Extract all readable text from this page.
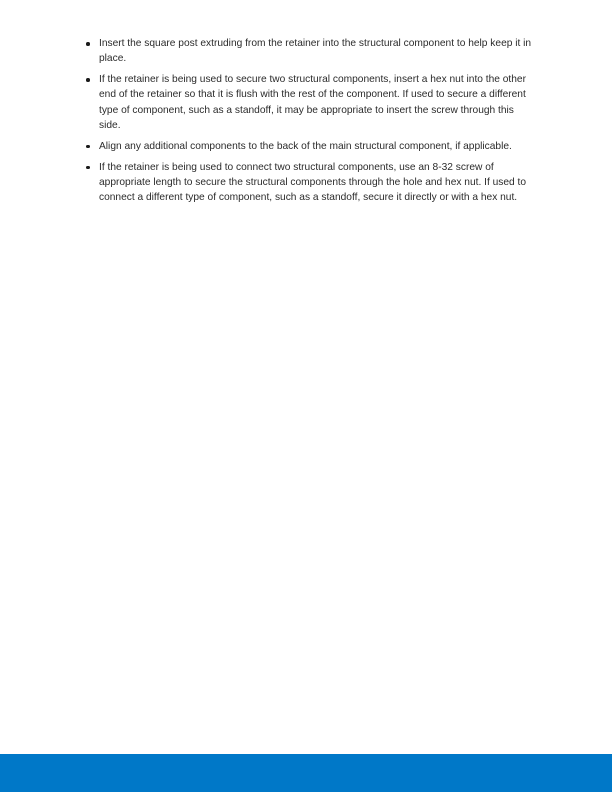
Insert the square post extruding from the retainer into the structural component to help keep it in place.
If the retainer is being used to secure two structural components, insert a hex nut into the other end of the retainer so that it is flush with the rest of the component. If used to secure a different type of component, such as a standoff, it may be appropriate to insert the screw through this side.
Align any additional components to the back of the main structural component, if applicable.
If the retainer is being used to connect two structural components, use an 8-32 screw of appropriate length to secure the structural components through the hole and hex nut. If used to connect a different type of component, such as a standoff, secure it directly or with a hex nut.
